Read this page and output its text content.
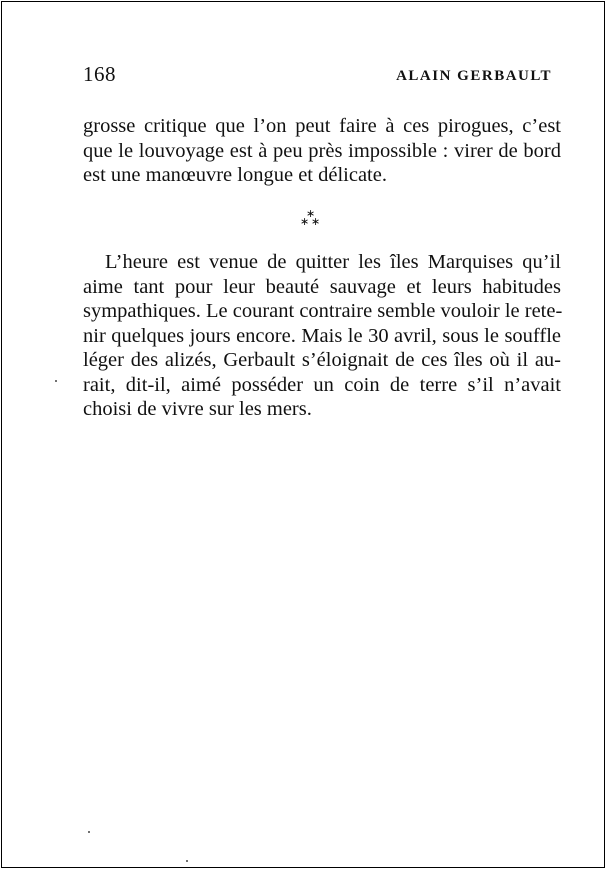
168	ALAIN GERBAULT
grosse critique que l’on peut faire à ces pirogues, c’est
que le louvoyage est à peu près impossible : virer de bord
est une manœuvre longue et délicate.
∗
∗ ∗
L’heure est venue de quitter les îles Marquises qu’il
aime tant pour leur beauté sauvage et leurs habitudes
sympathiques. Le courant contraire semble vouloir le rete-
nir quelques jours encore. Mais le 30 avril, sous le souffle
léger des alizés, Gerbault s’éloignait de ces îles où il au-
rait, dit-il, aimé posséder un coin de terre s’il n’avait
choisi de vivre sur les mers.
